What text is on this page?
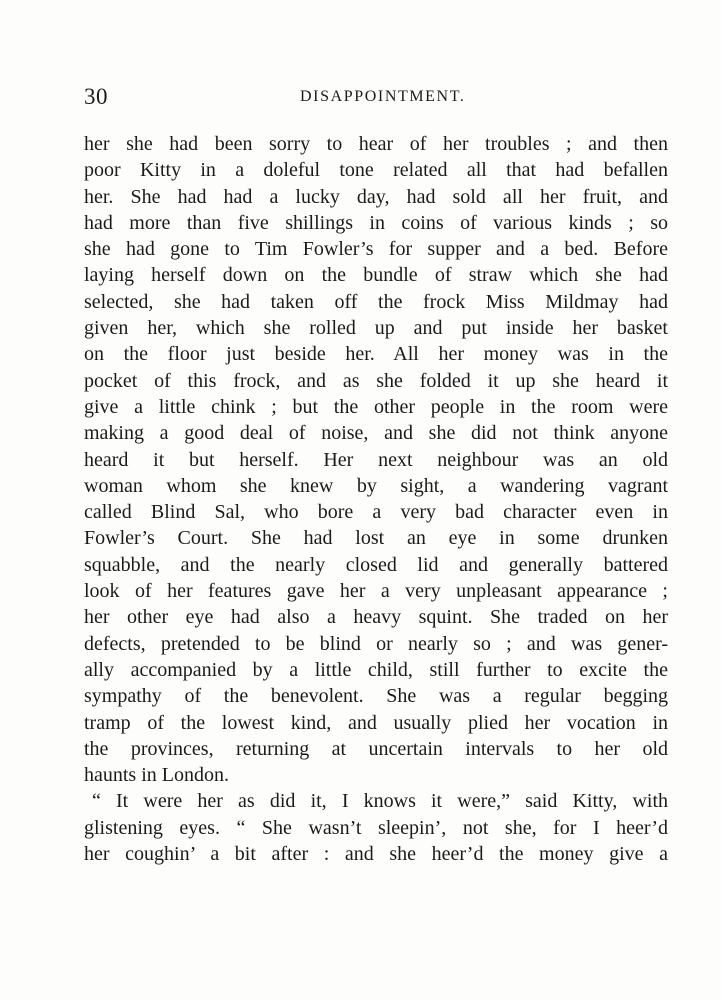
30	DISAPPOINTMENT.

her she had been sorry to hear of her troubles ; and then
poor Kitty in a doleful tone related all that had befallen
her. She had had a lucky day, had sold all her fruit, and
had more than five shillings in coins of various kinds ; so
she had gone to Tim Fowler’s for supper and a bed. Before
laying herself down on the bundle of straw which she had
selected, she had taken off the frock Miss Mildmay had
given her, which she rolled up and put inside her basket
on the floor just beside her. All her money was in the
pocket of this frock, and as she folded it up she heard it
give a little chink ; but the other people in the room were
making a good deal of noise, and she did not think anyone
heard it but herself. Her next neighbour was an old
woman whom she knew by sight, a wandering vagrant
called Blind Sal, who bore a very bad character even in
Fowler’s Court. She had lost an eye in some drunken
squabble, and the nearly closed lid and generally battered
look of her features gave her a very unpleasant appearance ;
her other eye had also a heavy squint. She traded on her
defects, pretended to be blind or nearly so ; and was gener-
ally accompanied by a little child, still further to excite the
sympathy of the benevolent. She was a regular begging
tramp of the lowest kind, and usually plied her vocation in
the provinces, returning at uncertain intervals to her old
haunts in London.

“ It were her as did it, I knows it were,” said Kitty, with
glistening eyes. “ She wasn’t sleepin’, not she, for I heer’d
her coughin’ a bit after : and she heer’d the money give a
